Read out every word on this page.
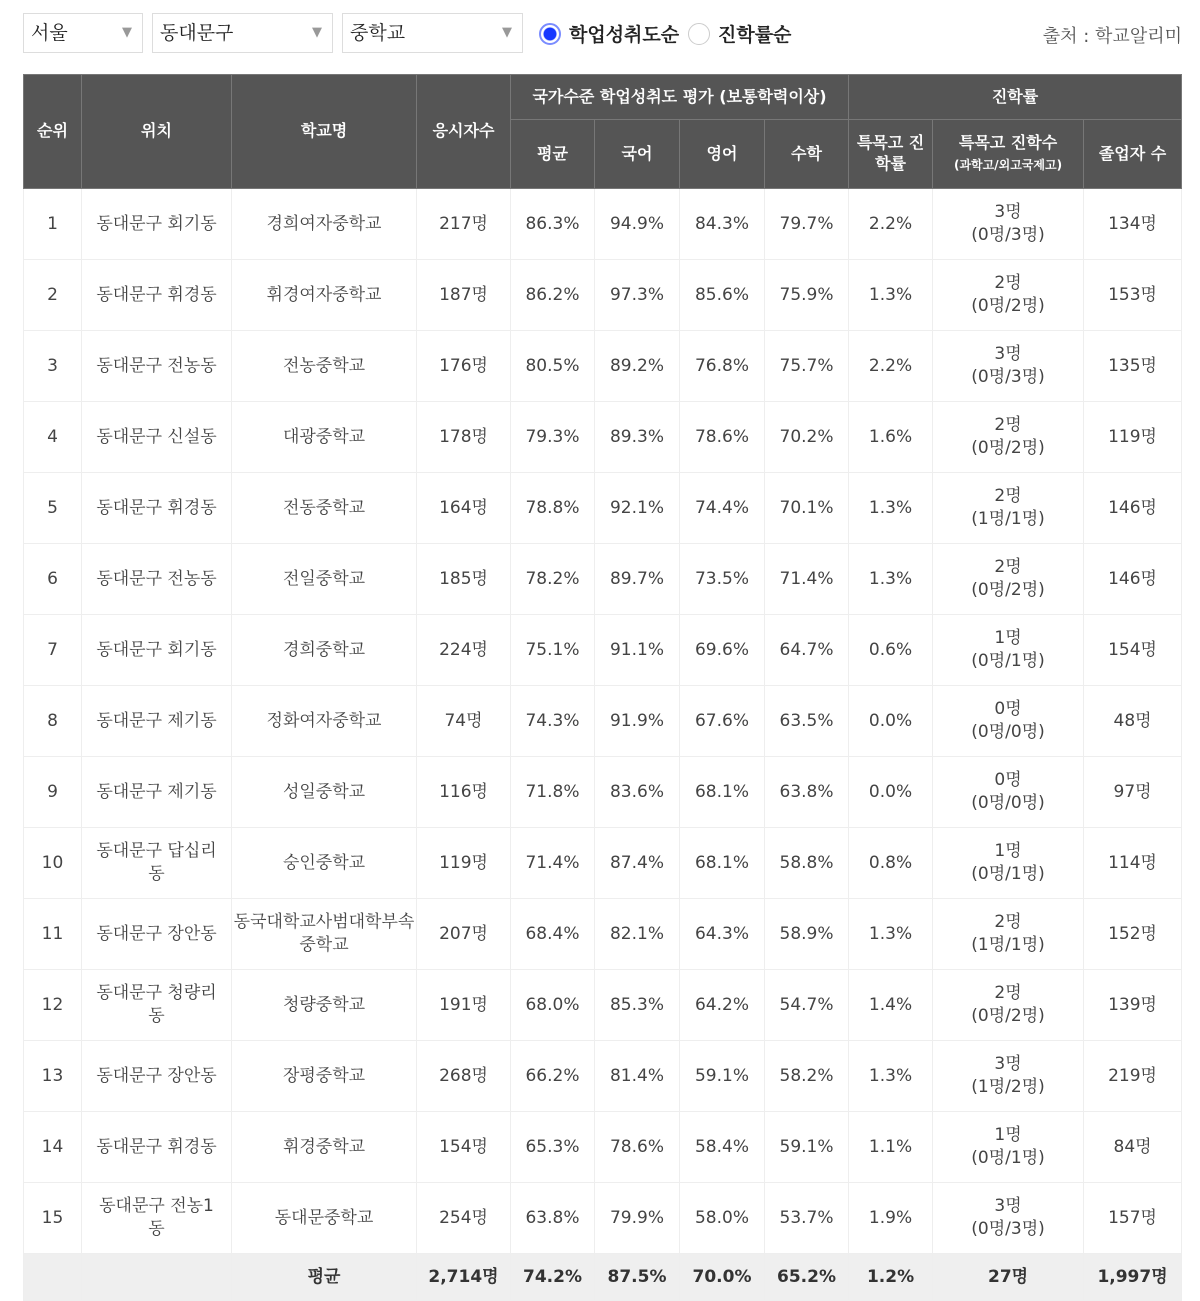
서울	▼	동대문구	▼	중학교	▼	학업성취도순 진학률순	출처 : 학교알리미
순위	위치	학교명	응시자수	국가수준 학업성취도 평가 (보통학력이상)				진학률		
				평균	국어	영어	수학	특목고 진학률	특목고 진학수
(과학고/외고국제고)	졸업자 수
1	동대문구 회기동	경희여자중학교	217명	86.3%	94.9%	84.3%	79.7%	2.2%	3명
(0명/3명)	134명
2	동대문구 휘경동	휘경여자중학교	187명	86.2%	97.3%	85.6%	75.9%	1.3%	2명
(0명/2명)	153명
3	동대문구 전농동	전농중학교	176명	80.5%	89.2%	76.8%	75.7%	2.2%	3명
(0명/3명)	135명
4	동대문구 신설동	대광중학교	178명	79.3%	89.3%	78.6%	70.2%	1.6%	2명
(0명/2명)	119명
5	동대문구 휘경동	전동중학교	164명	78.8%	92.1%	74.4%	70.1%	1.3%	2명
(1명/1명)	146명
6	동대문구 전농동	전일중학교	185명	78.2%	89.7%	73.5%	71.4%	1.3%	2명
(0명/2명)	146명
7	동대문구 회기동	경희중학교	224명	75.1%	91.1%	69.6%	64.7%	0.6%	1명
(0명/1명)	154명
8	동대문구 제기동	정화여자중학교	74명	74.3%	91.9%	67.6%	63.5%	0.0%	0명
(0명/0명)	48명
9	동대문구 제기동	성일중학교	116명	71.8%	83.6%	68.1%	63.8%	0.0%	0명
(0명/0명)	97명
10	동대문구 답십리동	숭인중학교	119명	71.4%	87.4%	68.1%	58.8%	0.8%	1명
(0명/1명)	114명
11	동대문구 장안동	동국대학교사범대학부속중학교	207명	68.4%	82.1%	64.3%	58.9%	1.3%	2명
(1명/1명)	152명
12	동대문구 청량리동	청량중학교	191명	68.0%	85.3%	64.2%	54.7%	1.4%	2명
(0명/2명)	139명
13	동대문구 장안동	장평중학교	268명	66.2%	81.4%	59.1%	58.2%	1.3%	3명
(1명/2명)	219명
14	동대문구 휘경동	휘경중학교	154명	65.3%	78.6%	58.4%	59.1%	1.1%	1명
(0명/1명)	84명
15	동대문구 전농1동	동대문중학교	254명	63.8%	79.9%	58.0%	53.7%	1.9%	3명
(0명/3명)	157명
		평균	2,714명	74.2%	87.5%	70.0%	65.2%	1.2%	27명	1,997명
